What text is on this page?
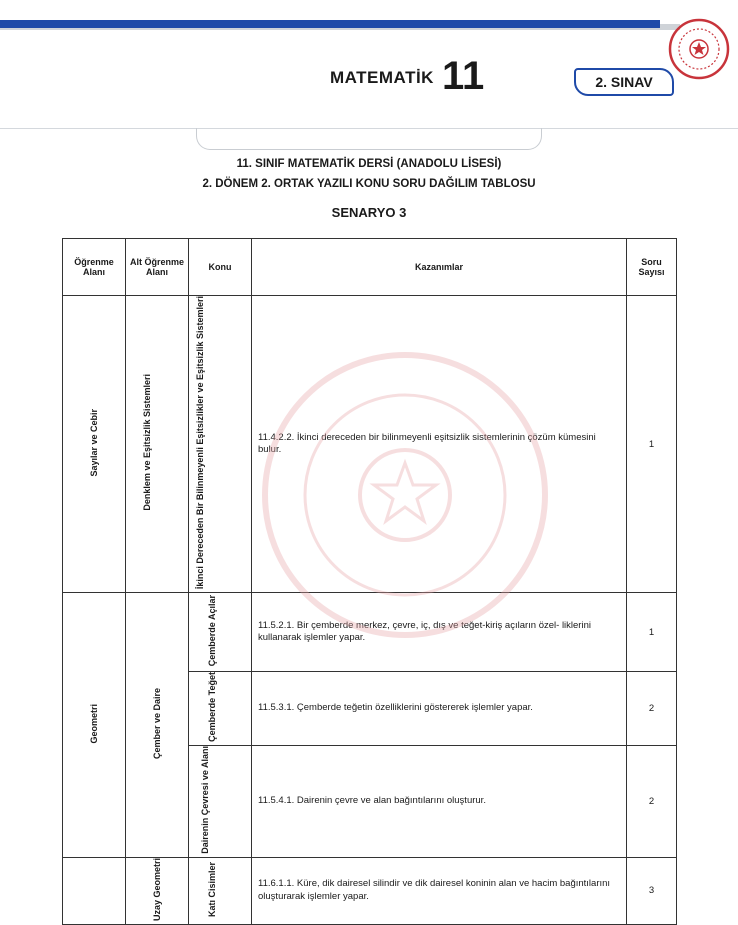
MATEMATİK 11	2. SINAV
11. SINIF MATEMATİK DERSİ (ANADOLU LİSESİ)
2. DÖNEM 2. ORTAK YAZILI KONU SORU DAĞILIM TABLOSU
SENARYO 3
Öğrenme Alanı	Alt Öğrenme Alanı	Konu	Kazanımlar	Soru Sayısı
Sayılar ve Cebir	Denklem ve Eşitsizlik Sistemleri	İkinci Dereceden Bir Bilinmeyenli Eşitsizlikler ve Eşitsizlik Sistemleri	11.4.2.2. İkinci dereceden bir bilinmeyenli eşitsizlik sistemlerinin çözüm kümesini bulur.	1
Geometri	Çember ve Daire	Çemberde Açılar	11.5.2.1. Bir çemberde merkez, çevre, iç, dış ve teğet-kiriş açıların özel- liklerini kullanarak işlemler yapar.	1
		Çemberde Teğet	11.5.3.1. Çemberde teğetin özelliklerini göstererek işlemler yapar.	2
		Dairenin Çevresi ve Alanı	11.5.4.1. Dairenin çevre ve alan bağıntılarını oluşturur.	2
	Uzay Geometri	Katı Cisimler	11.6.1.1. Küre, dik dairesel silindir ve dik dairesel koninin alan ve hacim bağıntılarını oluşturarak işlemler yapar.	3
